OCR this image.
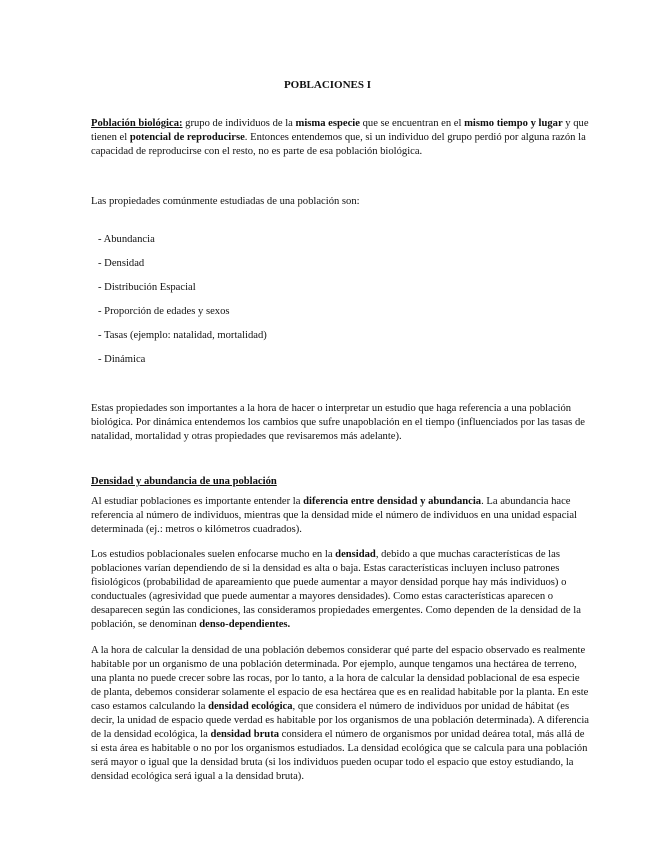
POBLACIONES I

Población biológica: grupo de individuos de la misma especie que se encuentran en el mismo tiempo y lugar y que tienen el potencial de reproducirse. Entonces entendemos que, si un individuo del grupo perdió por alguna razón la capacidad de reproducirse con el resto, no es parte de esa población biológica.

Las propiedades comúnmente estudiadas de una población son:

- Abundancia
- Densidad
- Distribución Espacial
- Proporción de edades y sexos
- Tasas (ejemplo: natalidad, mortalidad)
- Dinámica

Estas propiedades son importantes a la hora de hacer o interpretar un estudio que haga referencia a una población biológica. Por dinámica entendemos los cambios que sufre unapoblación en el tiempo (influenciados por las tasas de natalidad, mortalidad y otras propiedades que revisaremos más adelante).

Densidad y abundancia de una población

Al estudiar poblaciones es importante entender la diferencia entre densidad y abundancia. La abundancia hace referencia al número de individuos, mientras que la densidad mide el número de individuos en una unidad espacial determinada (ej.: metros o kilómetros cuadrados).

Los estudios poblacionales suelen enfocarse mucho en la densidad, debido a que muchas características de las poblaciones varían dependiendo de si la densidad es alta o baja. Estas características incluyen incluso patrones fisiológicos (probabilidad de apareamiento que puede aumentar a mayor densidad porque hay más individuos) o conductuales (agresividad que puede aumentar a mayores densidades). Como estas características aparecen o desaparecen según las condiciones, las consideramos propiedades emergentes. Como dependen de la densidad de la población, se denominan denso-dependientes.

A la hora de calcular la densidad de una población debemos considerar qué parte del espacio observado es realmente habitable por un organismo de una población determinada. Por ejemplo, aunque tengamos una hectárea de terreno, una planta no puede crecer sobre las rocas, por lo tanto, a la hora de calcular la densidad poblacional de esa especie de planta, debemos considerar solamente el espacio de esa hectárea que es en realidad habitable por la planta. En este caso estamos calculando la densidad ecológica, que considera el número de individuos por unidad de hábitat (es decir, la unidad de espacio quede verdad es habitable por los organismos de una población determinada). A diferencia de la densidad ecológica, la densidad bruta considera el número de organismos por unidad deárea total, más allá de si esta área es habitable o no por los organismos estudiados. La densidad ecológica que se calcula para una población será mayor o igual que la densidad bruta (si los individuos pueden ocupar todo el espacio que estoy estudiando, la densidad ecológica será igual a la densidad bruta).
